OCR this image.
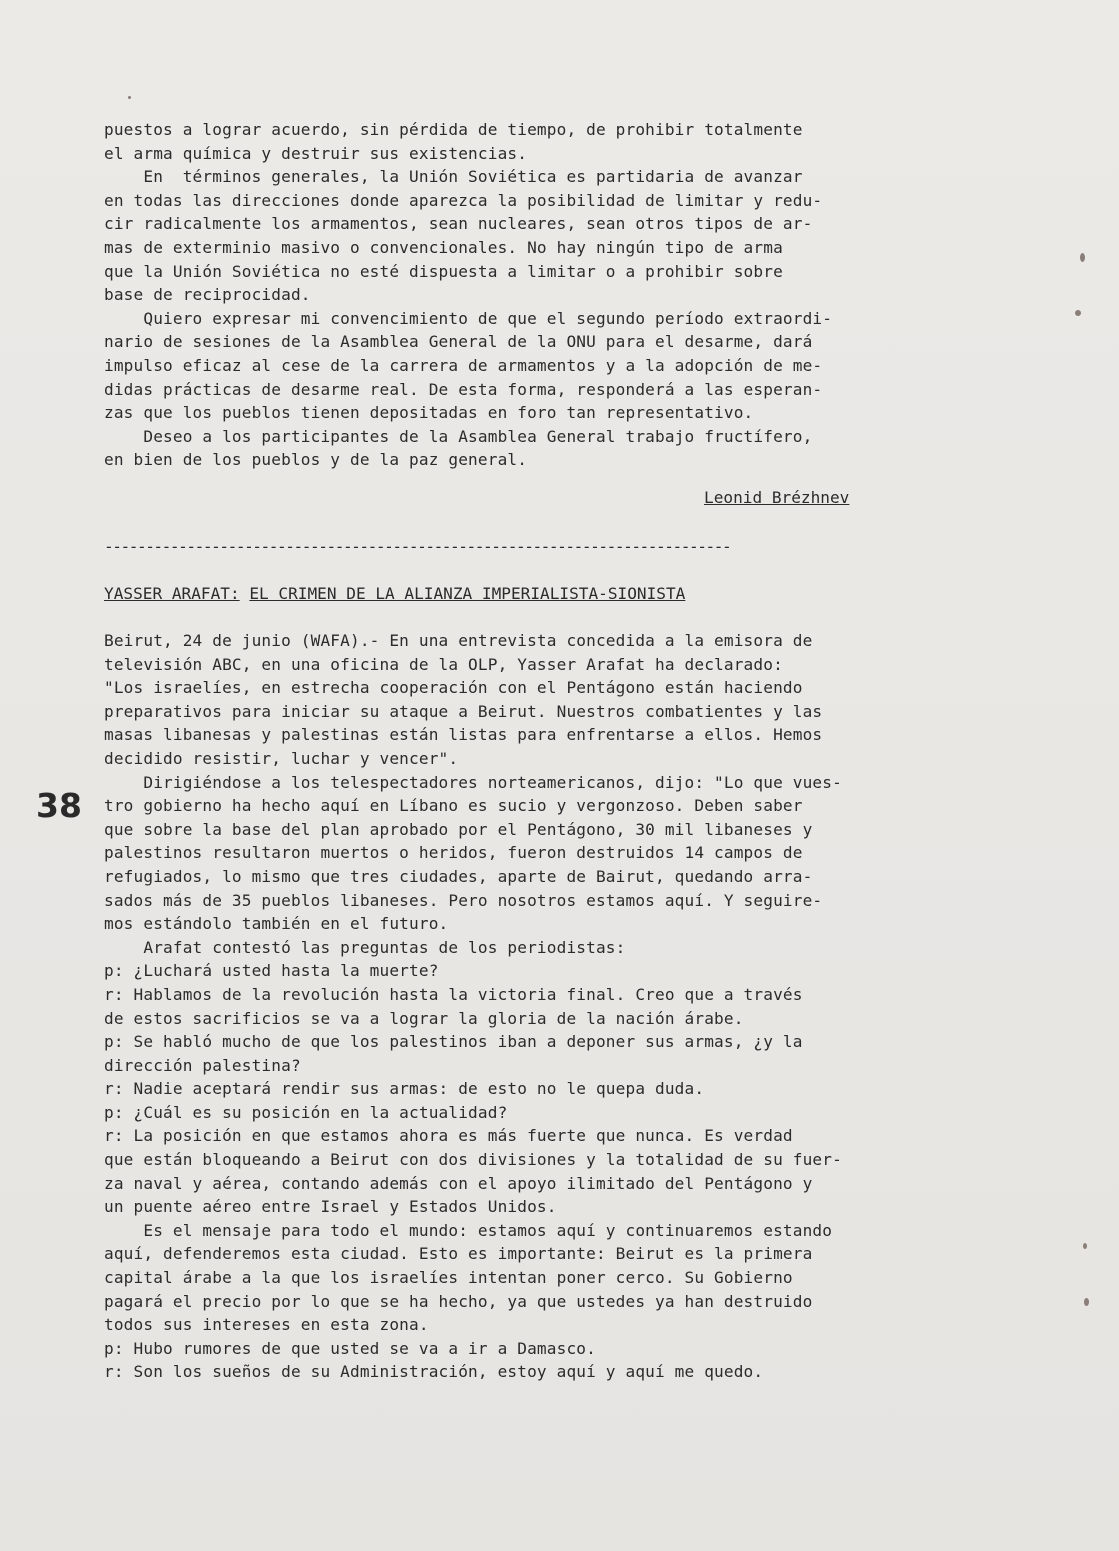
puestos a lograr acuerdo, sin pérdida de tiempo, de prohibir totalmente
el arma química y destruir sus existencias.
En  términos generales, la Unión Soviética es partidaria de avanzar
en todas las direcciones donde aparezca la posibilidad de limitar y redu-
cir radicalmente los armamentos, sean nucleares, sean otros tipos de ar-
mas de exterminio masivo o convencionales. No hay ningún tipo de arma
que la Unión Soviética no esté dispuesta a limitar o a prohibir sobre
base de reciprocidad.
Quiero expresar mi convencimiento de que el segundo período extraordi-
nario de sesiones de la Asamblea General de la ONU para el desarme, dará
impulso eficaz al cese de la carrera de armamentos y a la adopción de me-
didas prácticas de desarme real. De esta forma, responderá a las esperan-
zas que los pueblos tienen depositadas en foro tan representativo.
Deseo a los participantes de la Asamblea General trabajo fructífero,
en bien de los pueblos y de la paz general.
Leonid Brézhnev
----------------------------------------------------------------------------
YASSER ARAFAT: EL CRIMEN DE LA ALIANZA IMPERIALISTA-SIONISTA
38
Beirut, 24 de junio (WAFA).- En una entrevista concedida a la emisora de
televisión ABC, en una oficina de la OLP, Yasser Arafat ha declarado:
"Los israelíes, en estrecha cooperación con el Pentágono están haciendo
preparativos para iniciar su ataque a Beirut. Nuestros combatientes y las
masas libanesas y palestinas están listas para enfrentarse a ellos. Hemos
decidido resistir, luchar y vencer".
Dirigiéndose a los telespectadores norteamericanos, dijo: "Lo que vues-
tro gobierno ha hecho aquí en Líbano es sucio y vergonzoso. Deben saber
que sobre la base del plan aprobado por el Pentágono, 30 mil libaneses y
palestinos resultaron muertos o heridos, fueron destruidos 14 campos de
refugiados, lo mismo que tres ciudades, aparte de Bairut, quedando arra-
sados más de 35 pueblos libaneses. Pero nosotros estamos aquí. Y seguire-
mos estándolo también en el futuro.
Arafat contestó las preguntas de los periodistas:
p: ¿Luchará usted hasta la muerte?
r: Hablamos de la revolución hasta la victoria final. Creo que a través
de estos sacrificios se va a lograr la gloria de la nación árabe.
p: Se habló mucho de que los palestinos iban a deponer sus armas, ¿y la
dirección palestina?
r: Nadie aceptará rendir sus armas: de esto no le quepa duda.
p: ¿Cuál es su posición en la actualidad?
r: La posición en que estamos ahora es más fuerte que nunca. Es verdad
que están bloqueando a Beirut con dos divisiones y la totalidad de su fuer-
za naval y aérea, contando además con el apoyo ilimitado del Pentágono y
un puente aéreo entre Israel y Estados Unidos.
Es el mensaje para todo el mundo: estamos aquí y continuaremos estando
aquí, defenderemos esta ciudad. Esto es importante: Beirut es la primera
capital árabe a la que los israelíes intentan poner cerco. Su Gobierno
pagará el precio por lo que se ha hecho, ya que ustedes ya han destruido
todos sus intereses en esta zona.
p: Hubo rumores de que usted se va a ir a Damasco.
r: Son los sueños de su Administración, estoy aquí y aquí me quedo.
